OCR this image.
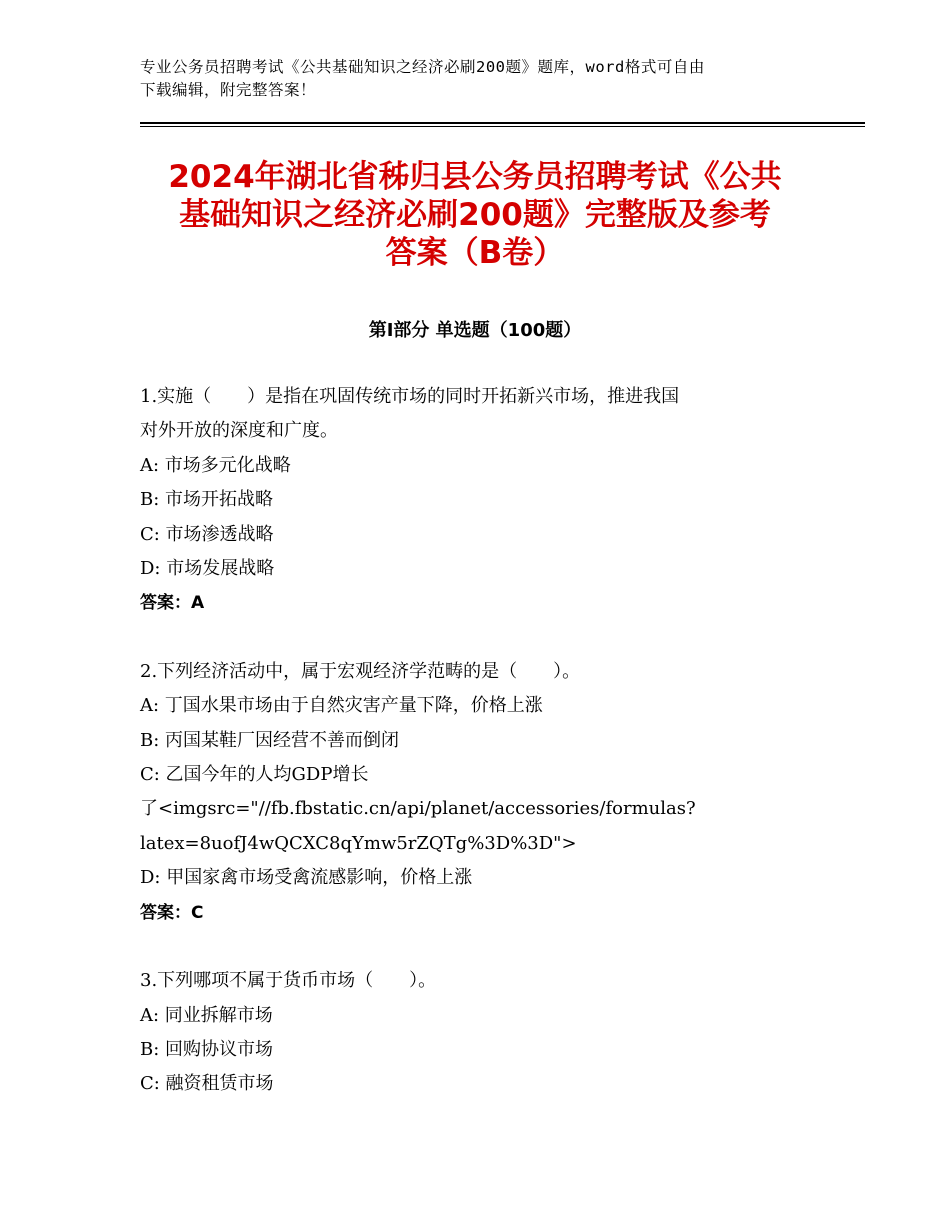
专业公务员招聘考试《公共基础知识之经济必刷200题》题库，word格式可自由
下载编辑，附完整答案！
2024年湖北省秭归县公务员招聘考试《公共
基础知识之经济必刷200题》完整版及参考
答案（B卷）
第Ⅰ部分 单选题（100题）
1.实施（　　）是指在巩固传统市场的同时开拓新兴市场，推进我国
对外开放的深度和广度。
A: 市场多元化战略
B: 市场开拓战略
C: 市场渗透战略
D: 市场发展战略
答案：A
2.下列经济活动中，属于宏观经济学范畴的是（　　）。
A: 丁国水果市场由于自然灾害产量下降，价格上涨
B: 丙国某鞋厂因经营不善而倒闭
C: 乙国今年的人均GDP增长
了<imgsrc="//fb.fbstatic.cn/api/planet/accessories/formulas?
latex=8uofJ4wQCXC8qYmw5rZQTg%3D%3D">
D: 甲国家禽市场受禽流感影响，价格上涨
答案：C
3.下列哪项不属于货币市场（　　）。
A: 同业拆解市场
B: 回购协议市场
C: 融资租赁市场
